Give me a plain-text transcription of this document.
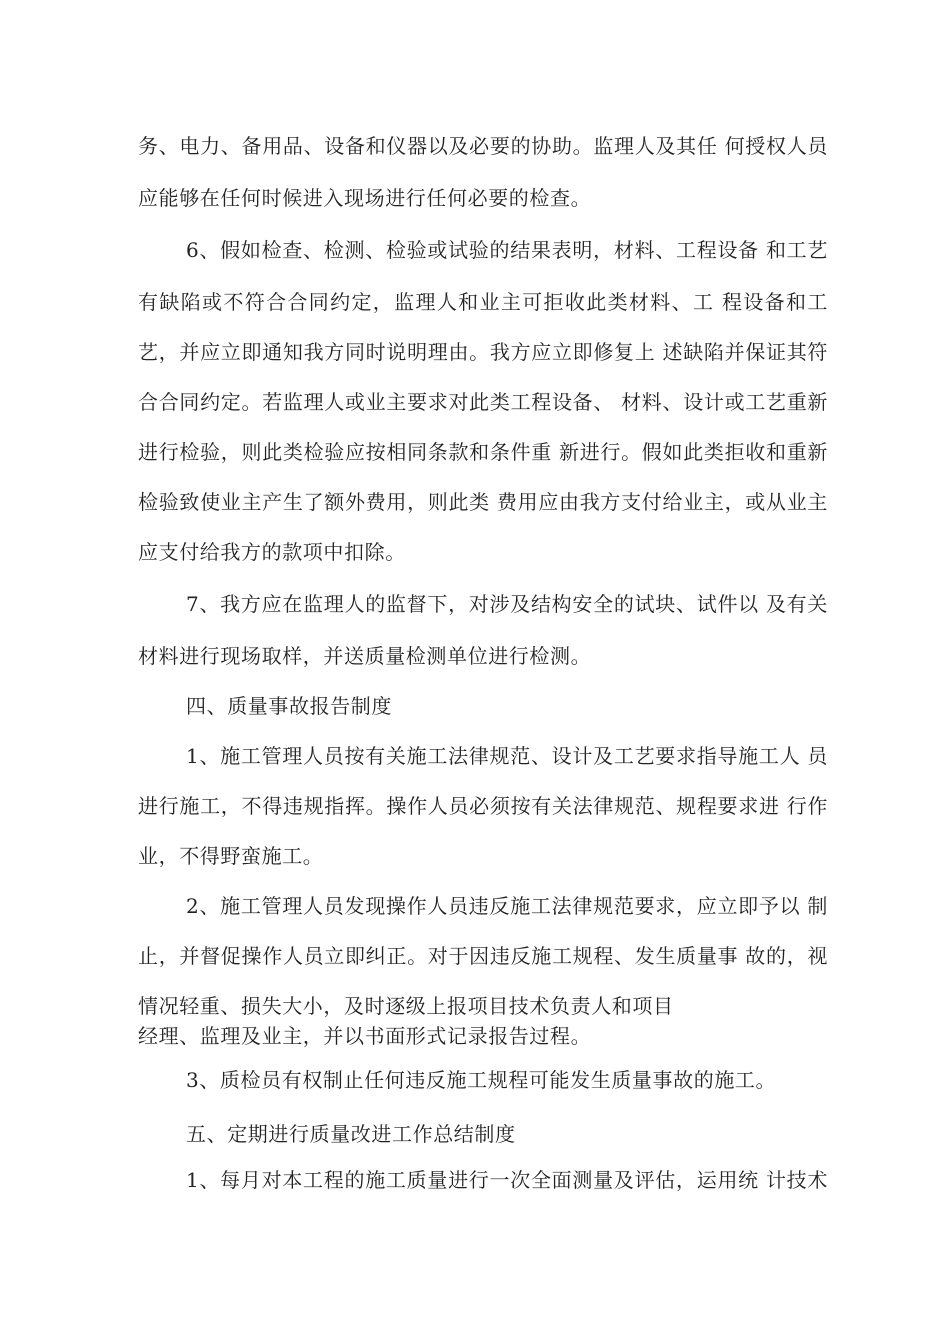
务、电力、备用品、设备和仪器以及必要的协助。监理人及其任 何授权人员
应能够在任何时候进入现场进行任何必要的检查。
6、假如检查、检测、检验或试验的结果表明，材料、工程设备 和工艺
有缺陷或不符合合同约定，监理人和业主可拒收此类材料、工 程设备和工
艺，并应立即通知我方同时说明理由。我方应立即修复上 述缺陷并保证其符
合合同约定。若监理人或业主要求对此类工程设备、 材料、设计或工艺重新
进行检验，则此类检验应按相同条款和条件重 新进行。假如此类拒收和重新
检验致使业主产生了额外费用，则此类 费用应由我方支付给业主，或从业主
应支付给我方的款项中扣除。
7、我方应在监理人的监督下，对涉及结构安全的试块、试件以 及有关
材料进行现场取样，并送质量检测单位进行检测。
四、质量事故报告制度
1、施工管理人员按有关施工法律规范、设计及工艺要求指导施工人 员
进行施工，不得违规指挥。操作人员必须按有关法律规范、规程要求进 行作
业，不得野蛮施工。
2、施工管理人员发现操作人员违反施工法律规范要求，应立即予以 制
止，并督促操作人员立即纠正。对于因违反施工规程、发生质量事 故的，视
情况轻重、损失大小，及时逐级上报项目技术负责人和项目
经理、监理及业主，并以书面形式记录报告过程。
3、质检员有权制止任何违反施工规程可能发生质量事故的施工。
五、定期进行质量改进工作总结制度
1、每月对本工程的施工质量进行一次全面测量及评估，运用统 计技术
